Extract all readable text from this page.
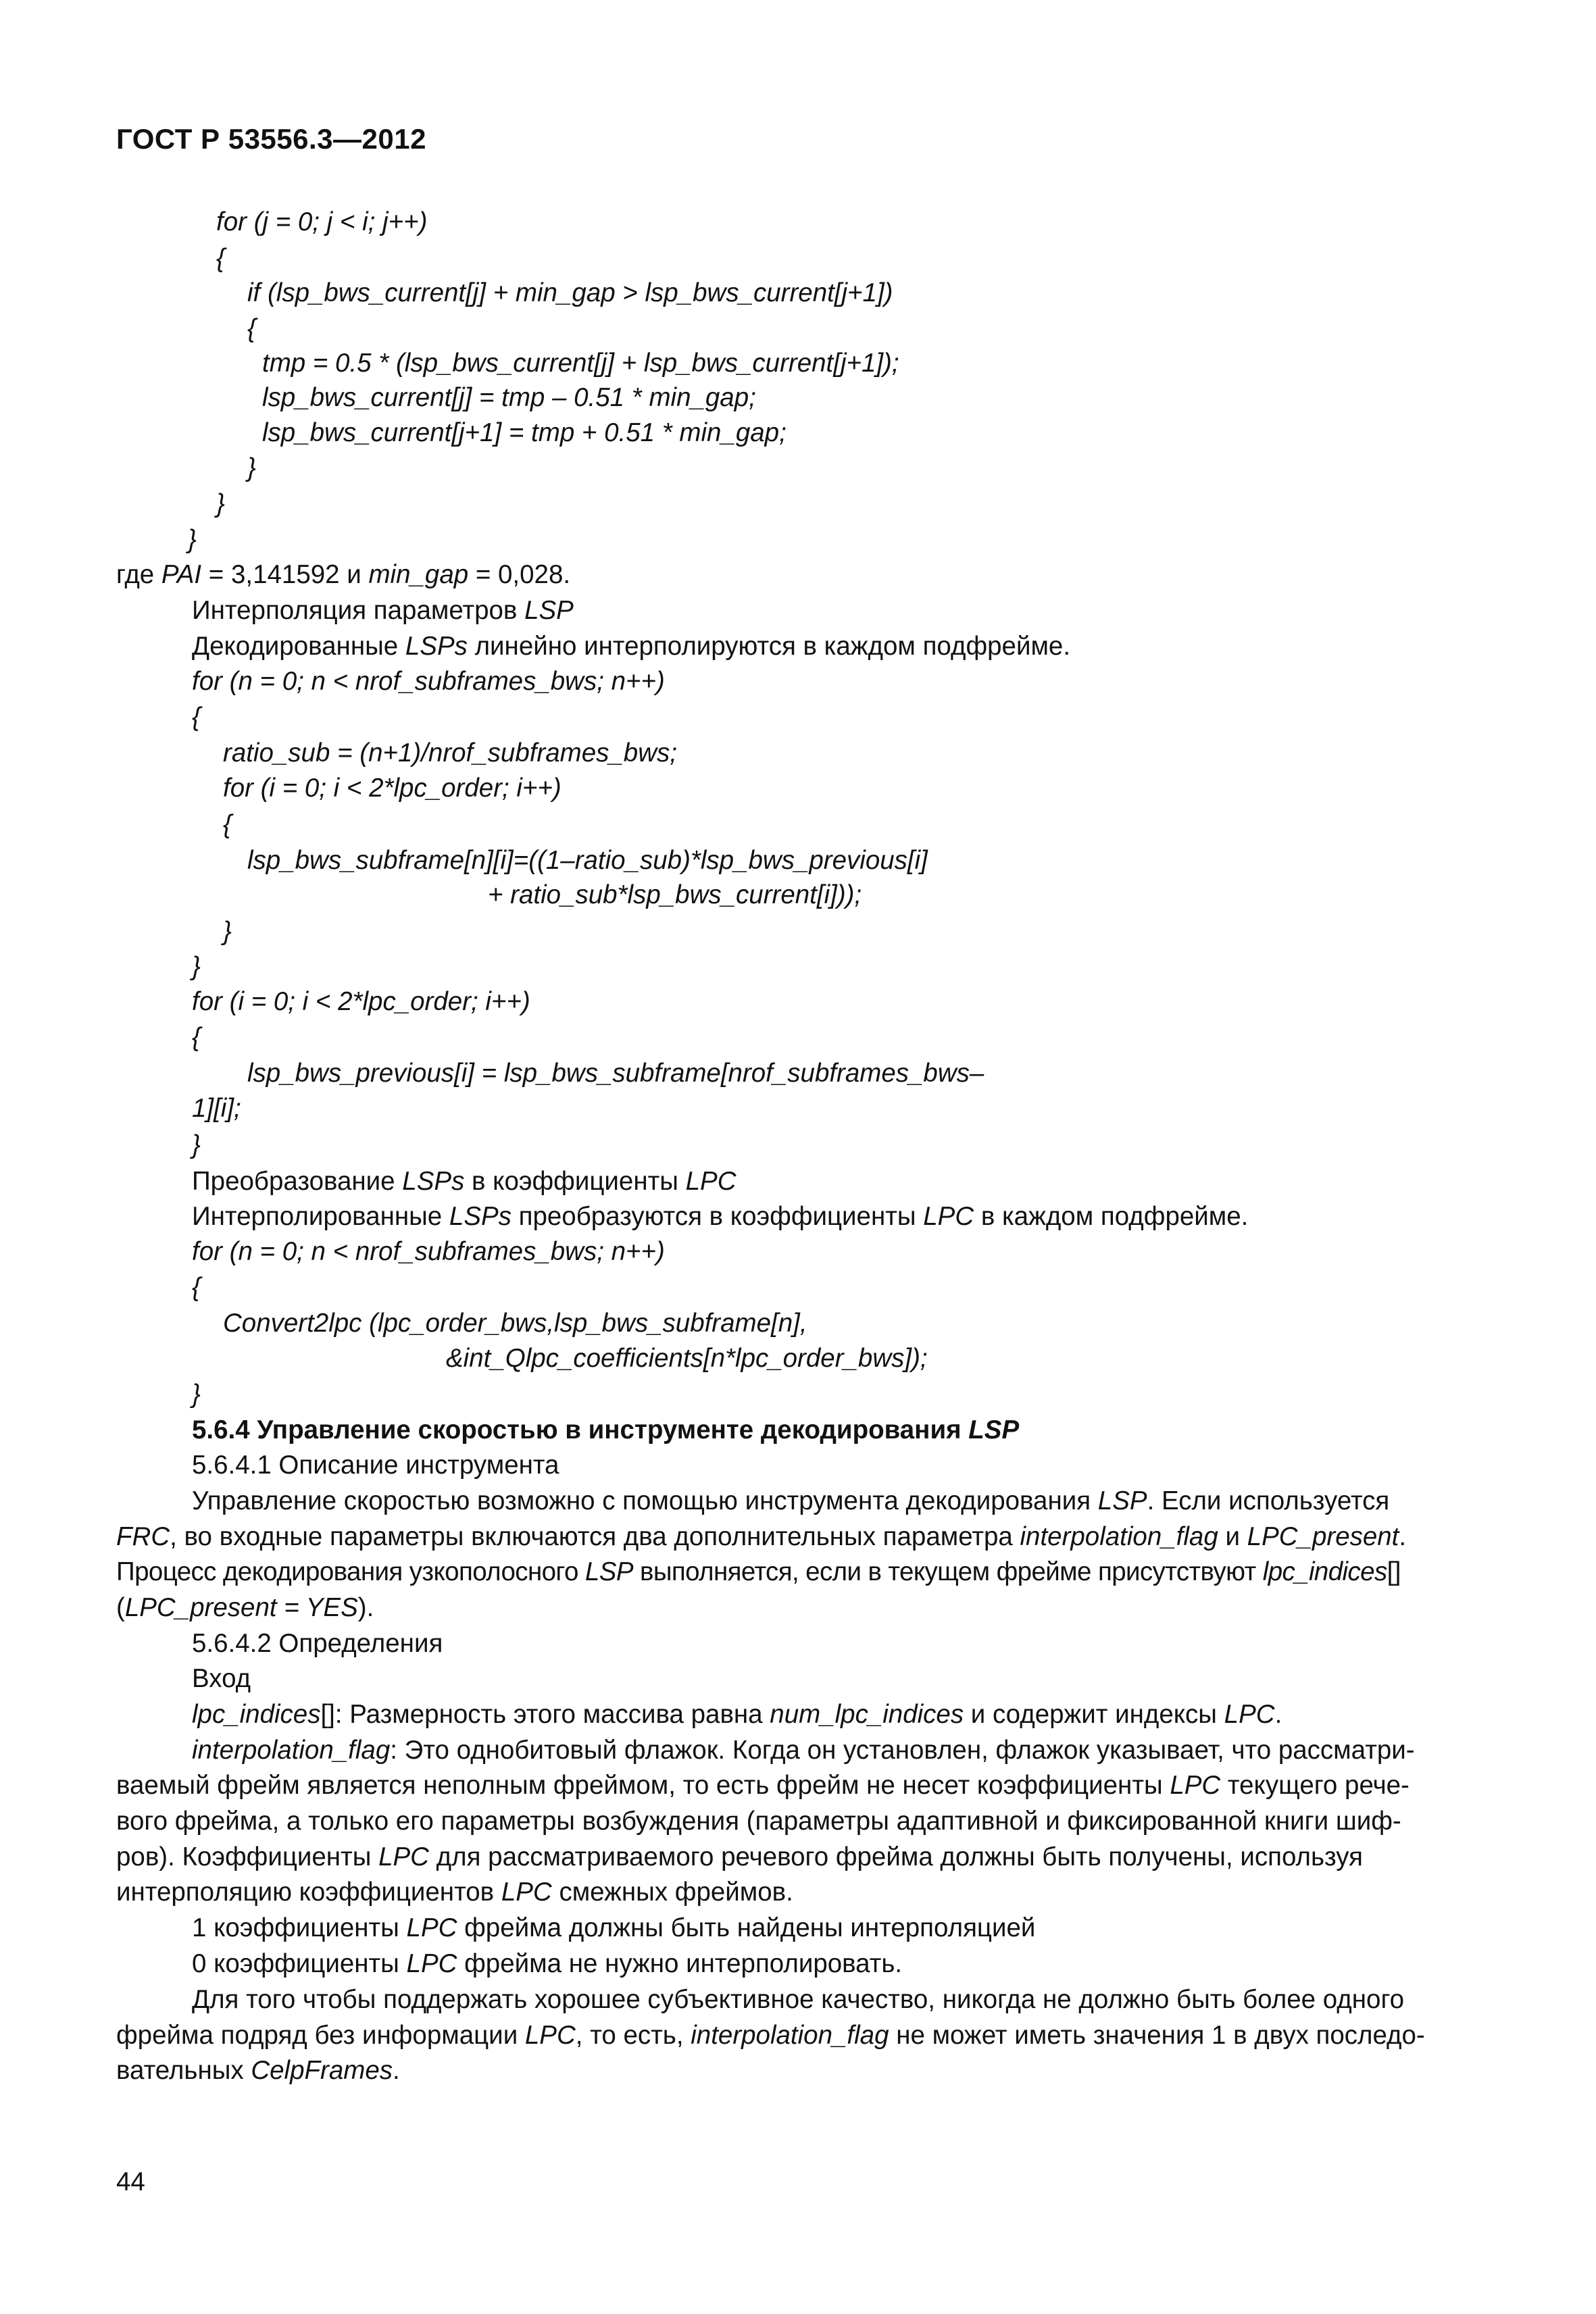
ГОСТ Р 53556.3—2012
for (j = 0; j < i; j++)
{
if (lsp_bws_current[j] + min_gap > lsp_bws_current[j+1])
{
tmp = 0.5 * (lsp_bws_current[j] + lsp_bws_current[j+1]);
lsp_bws_current[j] = tmp – 0.51 * min_gap;
lsp_bws_current[j+1] = tmp + 0.51 * min_gap;
}
}
}
где PAI = 3,141592 и min_gap = 0,028.
Интерполяция параметров LSP
Декодированные LSPs линейно интерполируются в каждом подфрейме.
for (n = 0; n < nrof_subframes_bws; n++)
{
ratio_sub = (n+1)/nrof_subframes_bws;
for (i = 0; i < 2*lpc_order; i++)
{
lsp_bws_subframe[n][i]=((1–ratio_sub)*lsp_bws_previous[i]
+ ratio_sub*lsp_bws_current[i]));
}
}
for (i = 0; i < 2*lpc_order; i++)
{
lsp_bws_previous[i] = lsp_bws_subframe[nrof_subframes_bws–
1][i];
}
Преобразование LSPs в коэффициенты LPC
Интерполированные LSPs преобразуются в коэффициенты LPC в каждом подфрейме.
for (n = 0; n < nrof_subframes_bws; n++)
{
Convert2lpc (lpc_order_bws,lsp_bws_subframe[n],
&int_Qlpc_coefficients[n*lpc_order_bws]);
}
5.6.4 Управление скоростью в инструменте декодирования LSP
5.6.4.1 Описание инструмента
Управление скоростью возможно с помощью инструмента декодирования LSP. Если используется
FRC, во входные параметры включаются два дополнительных параметра interpolation_flag и LPC_present.
Процесс декодирования узкополосного LSP выполняется, если в текущем фрейме присутствуют lpc_indices[]
(LPC_present = YES).
5.6.4.2 Определения
Вход
lpc_indices[]: Размерность этого массива равна num_lpc_indices и содержит индексы LPC.
interpolation_flag: Это однобитовый флажок. Когда он установлен, флажок указывает, что рассматри-
ваемый фрейм является неполным фреймом, то есть фрейм не несет коэффициенты LPC текущего рече-
вого фрейма, а только его параметры возбуждения (параметры адаптивной и фиксированной книги шиф-
ров). Коэффициенты LPC для рассматриваемого речевого фрейма должны быть получены, используя
интерполяцию коэффициентов LPC смежных фреймов.
1 коэффициенты LPC фрейма должны быть найдены интерполяцией
0 коэффициенты LPC фрейма не нужно интерполировать.
Для того чтобы поддержать хорошее субъективное качество, никогда не должно быть более одного
фрейма подряд без информации LPC, то есть, interpolation_flag не может иметь значения 1 в двух последо-
вательных CelpFrames.
44
